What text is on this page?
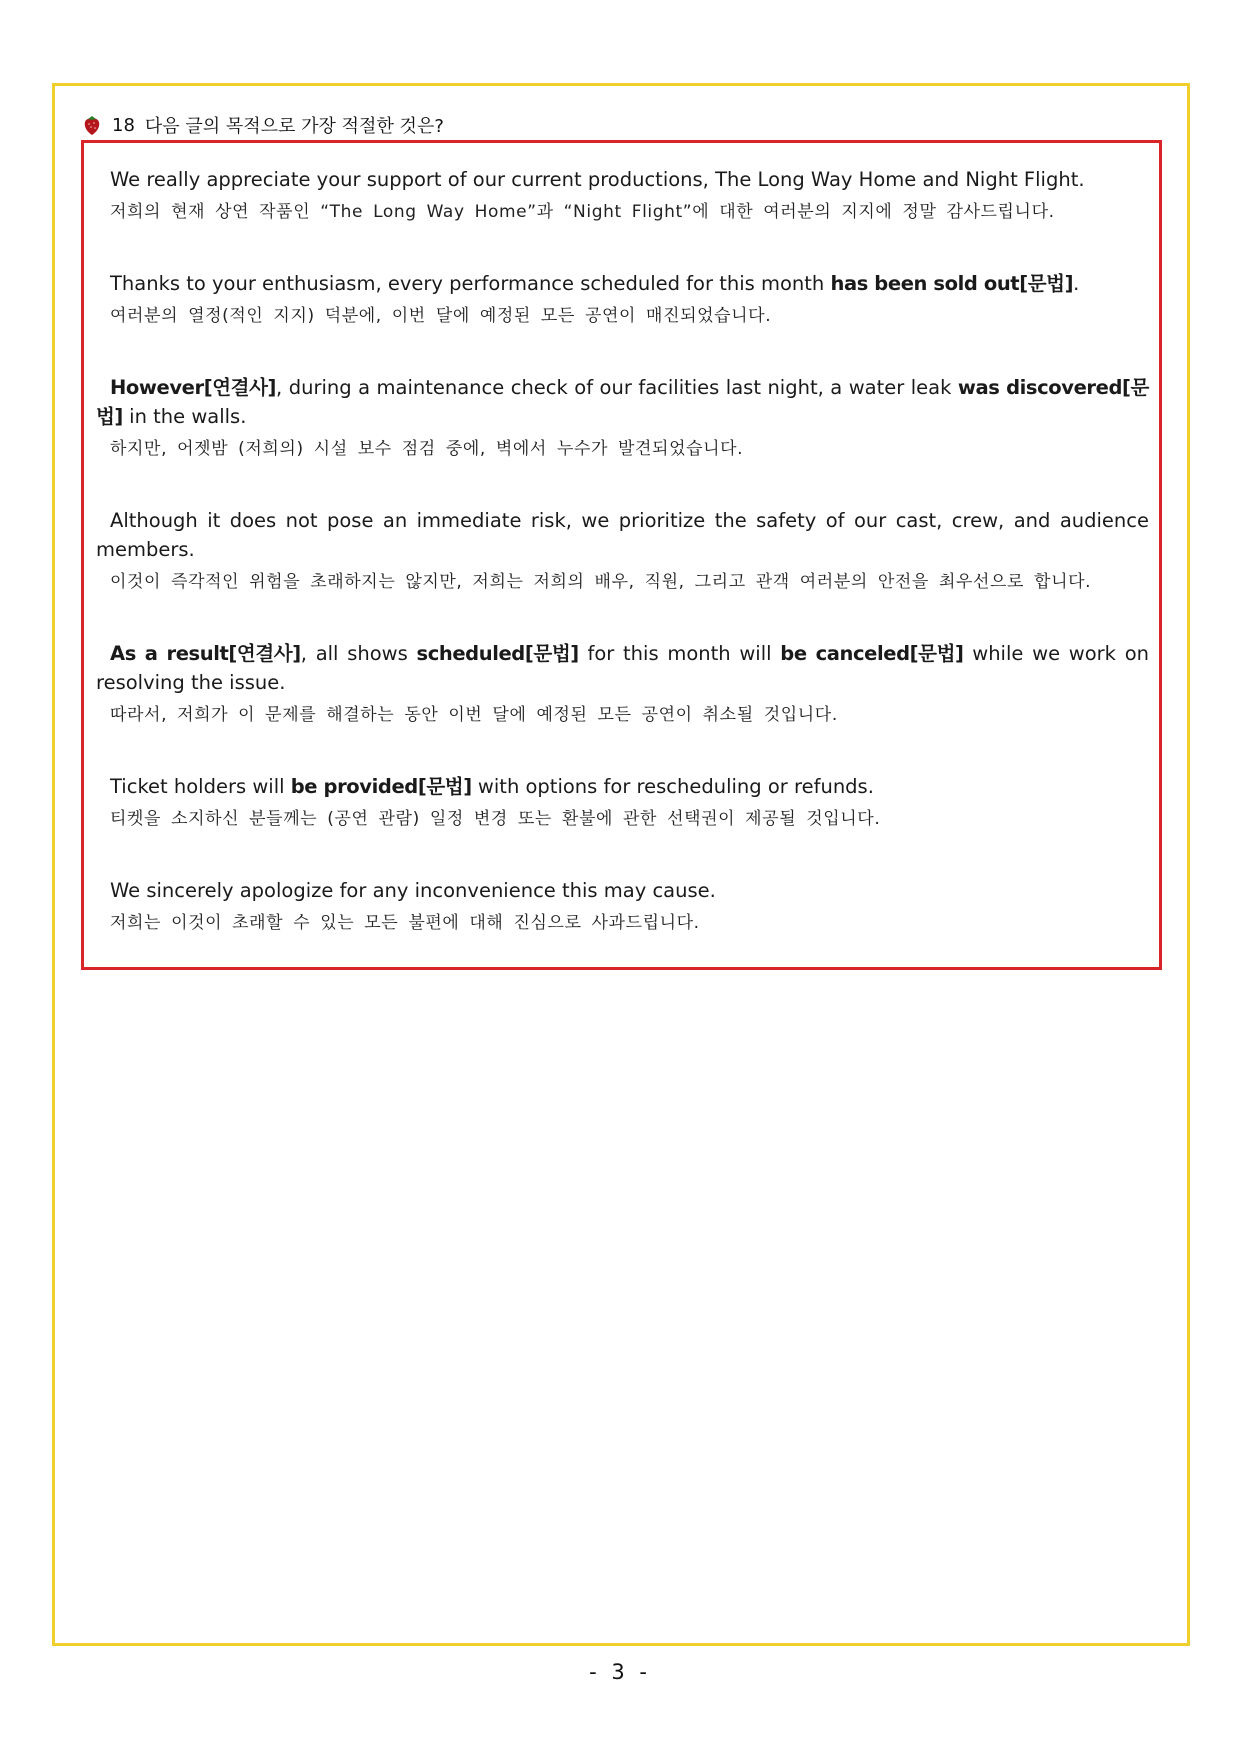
18 다음 글의 목적으로 가장 적절한 것은?
We really appreciate your support of our current productions, The Long Way Home and Night Flight.
저희의 현재 상연 작품인 “The Long Way Home”과 “Night Flight”에 대한 여러분의 지지에 정말 감사드립니다.
Thanks to your enthusiasm, every performance scheduled for this month has been sold out[문법].
여러분의 열정(적인 지지) 덕분에, 이번 달에 예정된 모든 공연이 매진되었습니다.
However[연결사], during a maintenance check of our facilities last night, a water leak was discovered[문법] in the walls.
하지만, 어젯밤 (저희의) 시설 보수 점검 중에, 벽에서 누수가 발견되었습니다.
Although it does not pose an immediate risk, we prioritize the safety of our cast, crew, and audience members.
이것이 즉각적인 위험을 초래하지는 않지만, 저희는 저희의 배우, 직원, 그리고 관객 여러분의 안전을 최우선으로 합니다.
As a result[연결사], all shows scheduled[문법] for this month will be canceled[문법] while we work on resolving the issue.
따라서, 저희가 이 문제를 해결하는 동안 이번 달에 예정된 모든 공연이 취소될 것입니다.
Ticket holders will be provided[문법] with options for rescheduling or refunds.
티켓을 소지하신 분들께는 (공연 관람) 일정 변경 또는 환불에 관한 선택권이 제공될 것입니다.
We sincerely apologize for any inconvenience this may cause.
저희는 이것이 초래할 수 있는 모든 불편에 대해 진심으로 사과드립니다.
- 3 -
